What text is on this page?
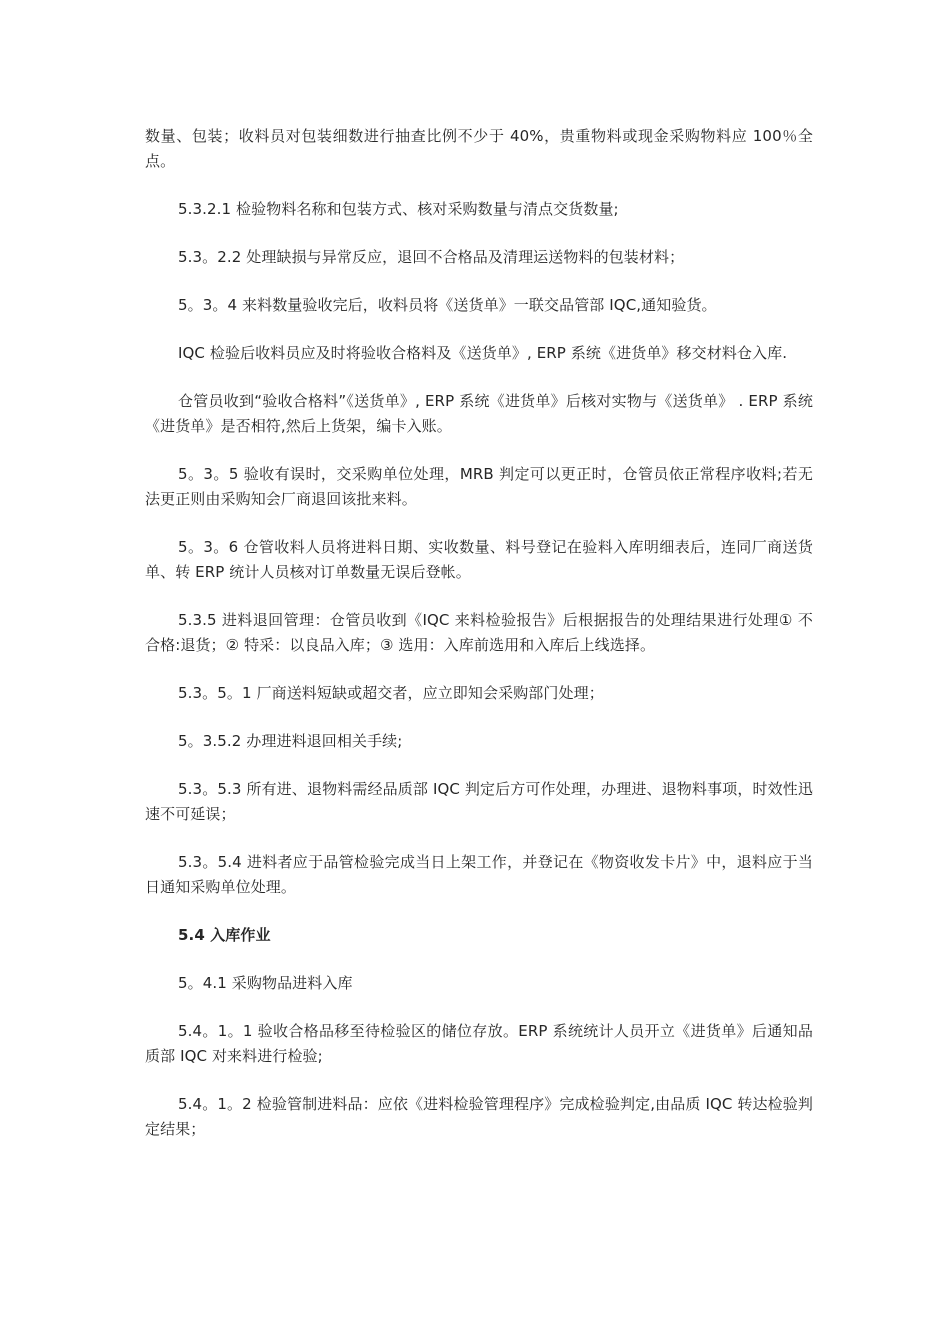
数量、包装；收料员对包装细数进行抽查比例不少于 40%，贵重物料或现金采购物料应 100％全点。

5.3.2.1 检验物料名称和包装方式、核对采购数量与清点交货数量;

5.3。2.2 处理缺损与异常反应，退回不合格品及清理运送物料的包装材料；

5。3。4 来料数量验收完后，收料员将《送货单》一联交品管部 IQC,通知验货。

IQC 检验后收料员应及时将验收合格料及《送货单》, ERP 系统《进货单》移交材料仓入库.

仓管员收到“验收合格料”《送货单》, ERP 系统《进货单》后核对实物与《送货单》 . ERP 系统《进货单》是否相符,然后上货架，编卡入账。

5。3。5 验收有误时，交采购单位处理，MRB 判定可以更正时，仓管员依正常程序收料;若无法更正则由采购知会厂商退回该批来料。

5。3。6 仓管收料人员将进料日期、实收数量、料号登记在验料入库明细表后，连同厂商送货单、转 ERP 统计人员核对订单数量无误后登帐。

5.3.5 进料退回管理：仓管员收到《IQC 来料检验报告》后根据报告的处理结果进行处理① 不合格:退货；② 特采：以良品入库；③ 选用：入库前选用和入库后上线选择。

5.3。5。1 厂商送料短缺或超交者，应立即知会采购部门处理；

5。3.5.2 办理进料退回相关手续;

5.3。5.3 所有进、退物料需经品质部 IQC 判定后方可作处理，办理进、退物料事项，时效性迅速不可延误；

5.3。5.4 进料者应于品管检验完成当日上架工作，并登记在《物资收发卡片》中，退料应于当日通知采购单位处理。

5.4 入库作业

5。4.1 采购物品进料入库

5.4。1。1 验收合格品移至待检验区的储位存放。ERP 系统统计人员开立《进货单》后通知品质部 IQC 对来料进行检验;

5.4。1。2 检验管制进料品：应依《进料检验管理程序》完成检验判定,由品质 IQC 转达检验判定结果；
